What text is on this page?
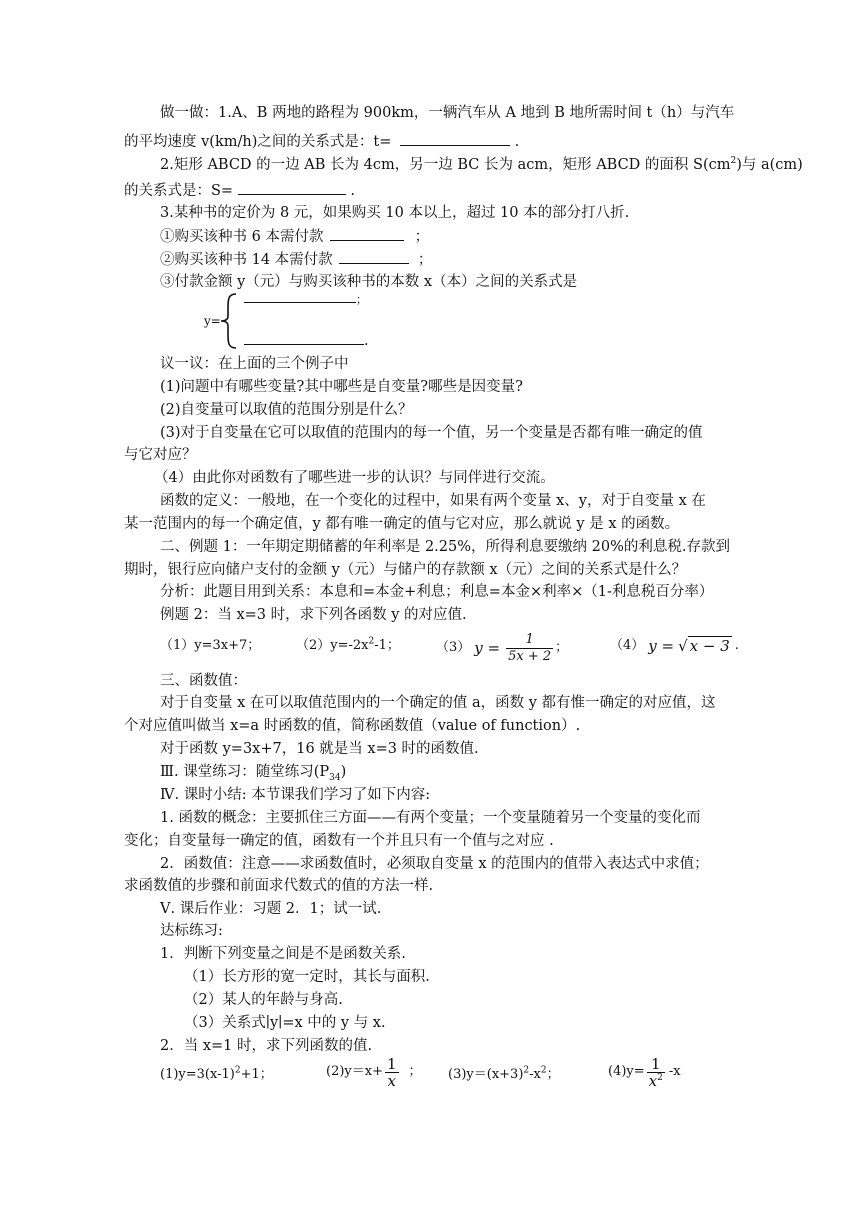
做一做：1.A、B 两地的路程为 900km，一辆汽车从 A 地到 B 地所需时间 t（h）与汽车
的平均速度 v(km/h)之间的关系式是：t=	.
2.矩形 ABCD 的一边 AB 长为 4cm，另一边 BC 长为 acm，矩形 ABCD 的面积 $S(cm^2)$与 a(cm)
的关系式是：S=	.
3.某种书的定价为 8 元，如果购买 10 本以上，超过 10 本的部分打八折.
①购买该种书 6 本需付款	；
②购买该种书 14 本需付款	；
③付款金额 y（元）与购买该种书的本数 x（本）之间的关系式是
y=
；
.
议一议：在上面的三个例子中
(1)问题中有哪些变量?其中哪些是自变量?哪些是因变量?
(2)自变量可以取值的范围分别是什么？
(3)对于自变量在它可以取值的范围内的每一个值，另一个变量是否都有唯一确定的值
与它对应？
（4）由此你对函数有了哪些进一步的认识？与同伴进行交流。
函数的定义：一般地，在一个变化的过程中，如果有两个变量 x、y，对于自变量 x 在
某一范围内的每一个确定值，y 都有唯一确定的值与它对应，那么就说 y 是 x 的函数。
二、例题 1：一年期定期储蓄的年利率是 2.25%，所得利息要缴纳 20%的利息税.存款到
期时，银行应向储户支付的金额 y（元）与储户的存款额 x（元）之间的关系式是什么？
分析：此题目用到关系：本息和=本金+利息；利息=本金×利率×（1-利息税百分率）
例题 2：当 x=3 时，求下列各函数 y 的对应值.
（1）y=3x+7；	$(2)y=-2x^2-1$；	（3） $y = \frac{1}{5x + 2}$ ；	（4） y = √ x − 3 .
三、函数值：
对于自变量 x 在可以取值范围内的一个确定的值 a，函数 y 都有惟一确定的对应值，这
个对应值叫做当 x=a 时函数的值，简称函数值（value of function）.
对于函数 y=3x+7，16 就是当 x=3 时的函数值.
Ⅲ. 课堂练习：随堂练习$(P_{34})$
Ⅳ. 课时小结: 本节课我们学习了如下内容:
1. 函数的概念：主要抓住三方面——有两个变量；一个变量随着另一个变量的变化而
变化；自变量每一确定的值，函数有一个并且只有一个值与之对应 .
2．函数值：注意——求函数值时，必须取自变量 x 的范围内的值带入表达式中求值；
求函数值的步骤和前面求代数式的值的方法一样.
Ⅴ. 课后作业：习题 2．1；试一试.
达标练习:
1．判断下列变量之间是不是函数关系.
（1）长方形的宽一定时，其长与面积.
（2）某人的年龄与身高.
（3）关系式∣y∣=x 中的 y 与 x.
2．当 x=1 时，求下列函数的值.
$(1)y=3(x-1)^2+1$；	$(2)y=x+ \frac{1}{x}$ ； $(3)y=(x+3)^2-x^2$；	$(4)y= \frac{1}{x^2} -x$
